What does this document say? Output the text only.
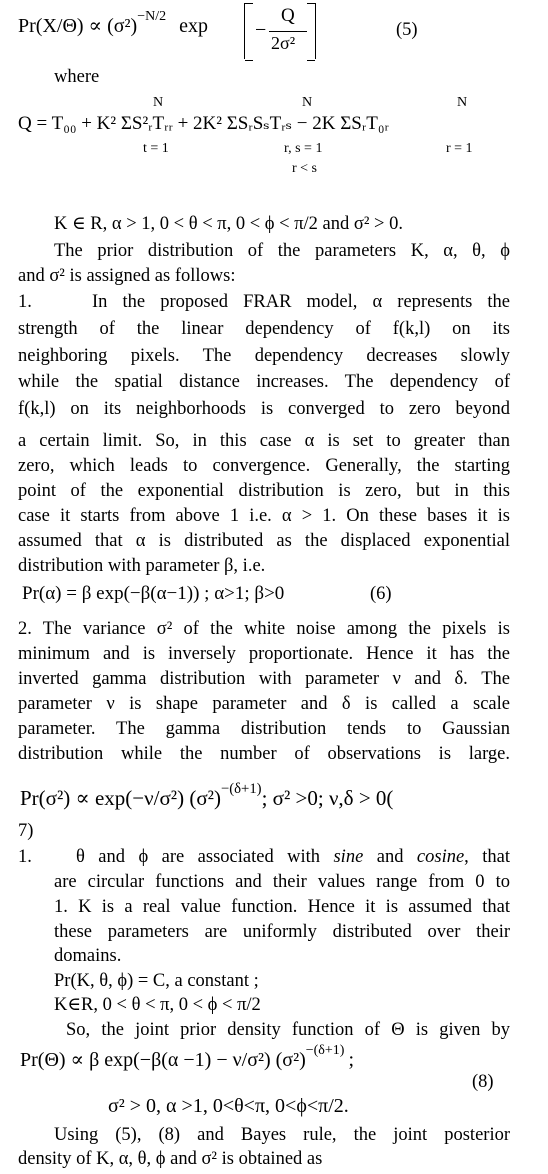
$Pr(X/\Theta) \propto (\sigma^2)^{-N/2}$ exp −
Q
2σ²
(5)
where
N	N	N
Q = T₀₀ + K² ΣS²ᵣTᵣᵣ + 2K² ΣSᵣSₛTᵣₛ − 2K ΣSᵣT₀ᵣ
t = 1	r, s = 1
r < s
r = 1
K ∈ R, α > 1, 0 < θ < π, 0 < ϕ < π/2 and σ² > 0.
The prior distribution of the parameters K, α, θ, ϕ
and σ² is assigned as follows:
1.	In the proposed FRAR model, α represents the
strength of the linear dependency of f(k,l) on its
neighboring pixels. The dependency decreases slowly
while the spatial distance increases. The dependency of
f(k,l) on its neighborhoods is converged to zero beyond
a certain limit. So, in this case α is set to greater than
zero, which leads to convergence. Generally, the starting
point of the exponential distribution is zero, but in this
case it starts from above 1 i.e. α > 1. On these bases it is
assumed that α is distributed as the displaced exponential
distribution with parameter β, i.e.
Pr(α) = β exp(−β(α−1)) ; α>1; β>0	(6)
2. The variance σ² of the white noise among the pixels is
minimum and is inversely proportionate. Hence it has the
inverted gamma distribution with parameter ν and δ. The
parameter ν is shape parameter and δ is called a scale
parameter. The gamma distribution tends to Gaussian
distribution while the number of observations is large.
Pr(σ²) ∝ exp(−ν/σ²) $(\sigma^2)^{-(\delta+1)}$; σ² >0; ν,δ > 0(
7)
1. θ and ϕ are associated with sine and cosine, that
are circular functions and their values range from 0 to
1. K is a real value function. Hence it is assumed that
these parameters are uniformly distributed over their
domains.
Pr(K, θ, ϕ) = C, a constant ;
K∈R, 0 < θ < π, 0 < ϕ < π/2
So, the joint prior density function of Θ is given by
Pr(Θ) ∝ β exp(−β(α −1) − ν/σ²) $(\sigma^2)^{-(\delta+1)}$ ;
(8)
σ² > 0, α >1, 0<θ<π, 0<ϕ<π/2.
Using (5), (8) and Bayes rule, the joint posterior
density of K, α, θ, ϕ and σ² is obtained as
